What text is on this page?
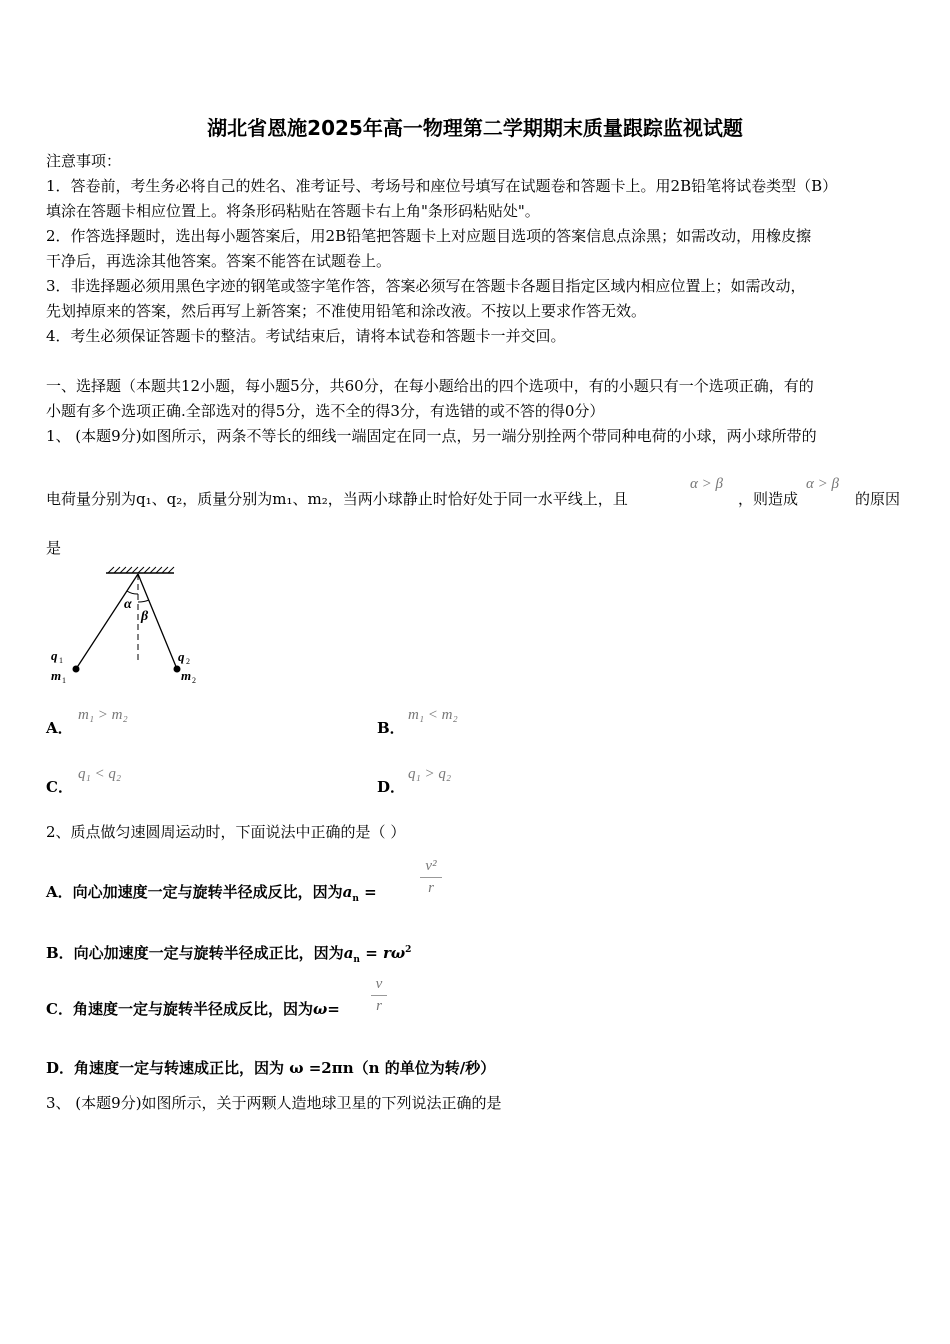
湖北省恩施2025年高一物理第二学期期末质量跟踪监视试题
注意事项：
1．答卷前，考生务必将自己的姓名、准考证号、考场号和座位号填写在试题卷和答题卡上。用2B铅笔将试卷类型（B）
填涂在答题卡相应位置上。将条形码粘贴在答题卡右上角"条形码粘贴处"。
2．作答选择题时，选出每小题答案后，用2B铅笔把答题卡上对应题目选项的答案信息点涂黑；如需改动，用橡皮擦
干净后，再选涂其他答案。答案不能答在试题卷上。
3．非选择题必须用黑色字迹的钢笔或签字笔作答，答案必须写在答题卡各题目指定区域内相应位置上；如需改动，
先划掉原来的答案，然后再写上新答案；不准使用铅笔和涂改液。不按以上要求作答无效。
4．考生必须保证答题卡的整洁。考试结束后，请将本试卷和答题卡一并交回。
一、选择题（本题共12小题，每小题5分，共60分，在每小题给出的四个选项中，有的小题只有一个选项正确，有的
小题有多个选项正确.全部选对的得5分，选不全的得3分，有选错的或不答的得0分）
1、 (本题9分)如图所示，两条不等长的细线一端固定在同一点，另一端分别拴两个带同种电荷的小球，两小球所带的
电荷量分别为q₁、q₂，质量分别为m₁、m₂，当两小球静止时恰好处于同一水平线上，且
α > β
，则造成
α > β
的原因
是
α
β
q 1
m 1
q 2
m 2
A．
m₁ > m₂
B．
m₁ < m₂
C．
q₁ < q₂
D．
q₁ > q₂
2、质点做匀速圆周运动时，下面说法中正确的是（ ）
A．向心加速度一定与旋转半径成反比，因为$a_n$ =
v²
r
B．向心加速度一定与旋转半径成正比，因为$a_n = r\omega^2$
C．角速度一定与旋转半径成反比，因为ω=
v
r
D．角速度一定与转速成正比，因为 ω =2πn（n 的单位为转/秒）
3、 (本题9分)如图所示，关于两颗人造地球卫星的下列说法正确的是
